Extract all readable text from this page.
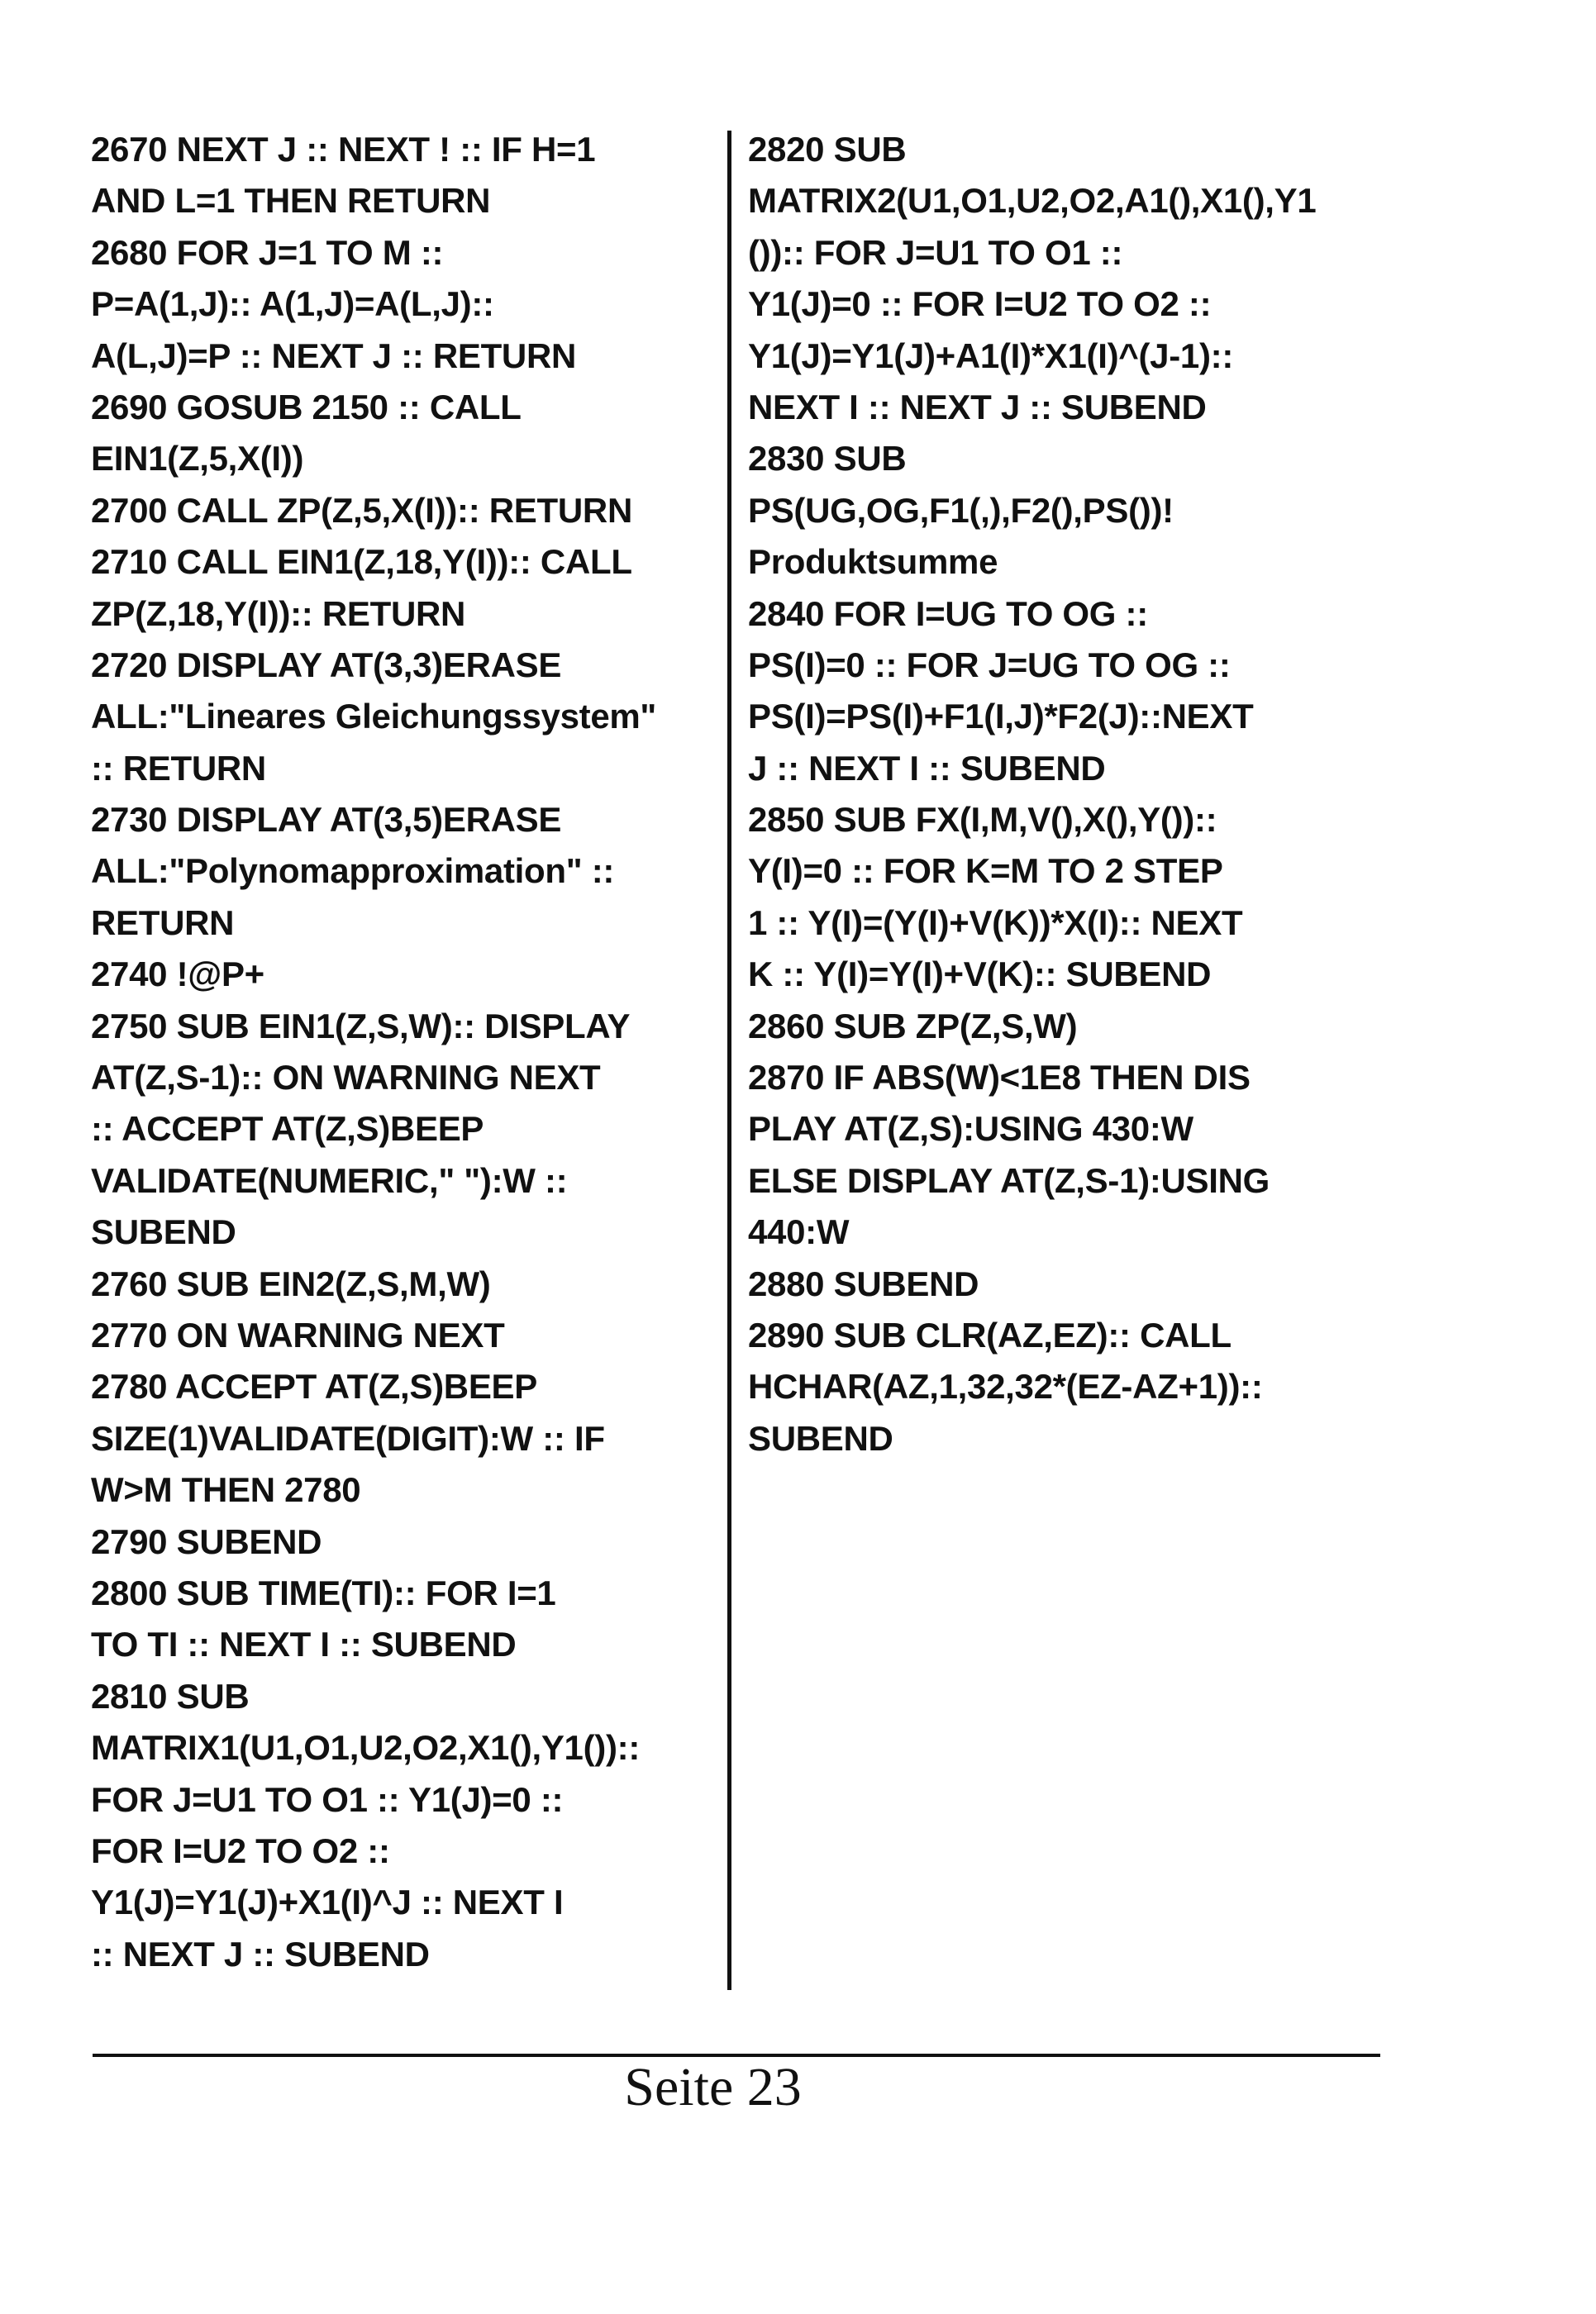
2670 NEXT J :: NEXT ! :: IF H=1
AND L=1 THEN RETURN
2680 FOR J=1 TO M ::
P=A(1,J):: A(1,J)=A(L,J)::
A(L,J)=P :: NEXT J :: RETURN
2690 GOSUB 2150 :: CALL
EIN1(Z,5,X(I))
2700 CALL ZP(Z,5,X(I)):: RETURN
2710 CALL EIN1(Z,18,Y(I)):: CALL
ZP(Z,18,Y(I)):: RETURN
2720 DISPLAY AT(3,3)ERASE
ALL:"Lineares Gleichungssystem"
:: RETURN
2730 DISPLAY AT(3,5)ERASE
ALL:"Polynomapproximation" ::
RETURN
2740 !@P+
2750 SUB EIN1(Z,S,W):: DISPLAY
AT(Z,S-1):: ON WARNING NEXT
:: ACCEPT AT(Z,S)BEEP
VALIDATE(NUMERIC," "):W ::
SUBEND
2760 SUB EIN2(Z,S,M,W)
2770 ON WARNING NEXT
2780 ACCEPT AT(Z,S)BEEP
SIZE(1)VALIDATE(DIGIT):W :: IF
W>M THEN 2780
2790 SUBEND
2800 SUB TIME(TI):: FOR I=1
TO TI :: NEXT I :: SUBEND
2810 SUB
MATRIX1(U1,O1,U2,O2,X1(),Y1())::
FOR J=U1 TO O1 :: Y1(J)=0 ::
FOR I=U2 TO O2 ::
Y1(J)=Y1(J)+X1(I)^J :: NEXT I
:: NEXT J :: SUBEND
2820 SUB
MATRIX2(U1,O1,U2,O2,A1(),X1(),Y1
()):: FOR J=U1 TO O1 ::
Y1(J)=0 :: FOR I=U2 TO O2 ::
Y1(J)=Y1(J)+A1(I)*X1(I)^(J-1)::
NEXT I :: NEXT J :: SUBEND
2830 SUB
PS(UG,OG,F1(,),F2(),PS())!
Produktsumme
2840 FOR I=UG TO OG ::
PS(I)=0 :: FOR J=UG TO OG ::
PS(I)=PS(I)+F1(I,J)*F2(J)::NEXT
J :: NEXT I :: SUBEND
2850 SUB FX(I,M,V(),X(),Y())::
Y(I)=0 :: FOR K=M TO 2 STEP
1 :: Y(I)=(Y(I)+V(K))*X(I):: NEXT
K :: Y(I)=Y(I)+V(K):: SUBEND
2860 SUB ZP(Z,S,W)
2870 IF ABS(W)<1E8 THEN DIS
PLAY AT(Z,S):USING 430:W
ELSE DISPLAY AT(Z,S-1):USING
440:W
2880 SUBEND
2890 SUB CLR(AZ,EZ):: CALL
HCHAR(AZ,1,32,32*(EZ-AZ+1))::
SUBEND
Seite 23
